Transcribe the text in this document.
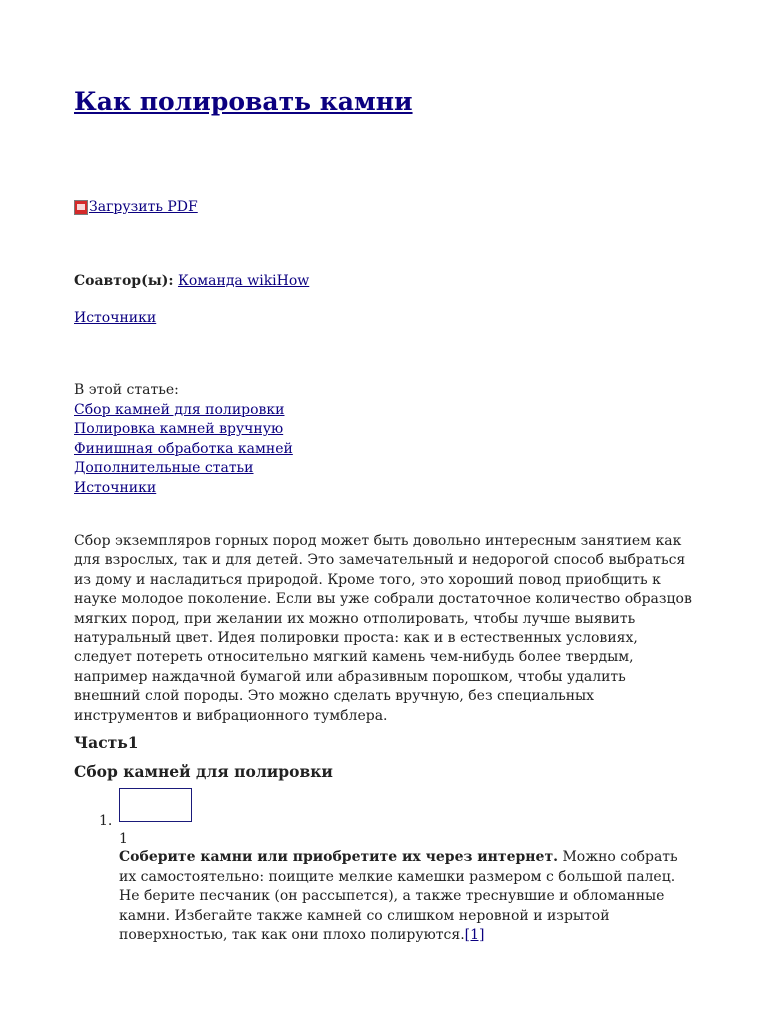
Как полировать камни
Загрузить PDF
Соавтор(ы): Команда wikiHow
Источники
В этой статье:
Сбор камней для полировки
Полировка камней вручную
Финишная обработка камней
Дополнительные статьи
Источники

Сбор экземпляров горных пород может быть довольно интересным занятием как для взрослых, так и для детей. Это замечательный и недорогой способ выбраться из дому и насладиться природой. Кроме того, это хороший повод приобщить к науке молодое поколение. Если вы уже собрали достаточное количество образцов мягких пород, при желании их можно отполировать, чтобы лучше выявить натуральный цвет. Идея полировки проста: как и в естественных условиях, следует потереть относительно мягкий камень чем-нибудь более твердым, например наждачной бумагой или абразивным порошком, чтобы удалить внешний слой породы. Это можно сделать вручную, без специальных инструментов и вибрационного тумблера.

Часть1
Сбор камней для полировки
1.
1

Соберите камни или приобретите их через интернет. Можно собрать их самостоятельно: поищите мелкие камешки размером с большой палец. Не берите песчаник (он рассыпется), а также треснувшие и обломанные камни. Избегайте также камней со слишком неровной и изрытой поверхностью, так как они плохо полируются.[1]
